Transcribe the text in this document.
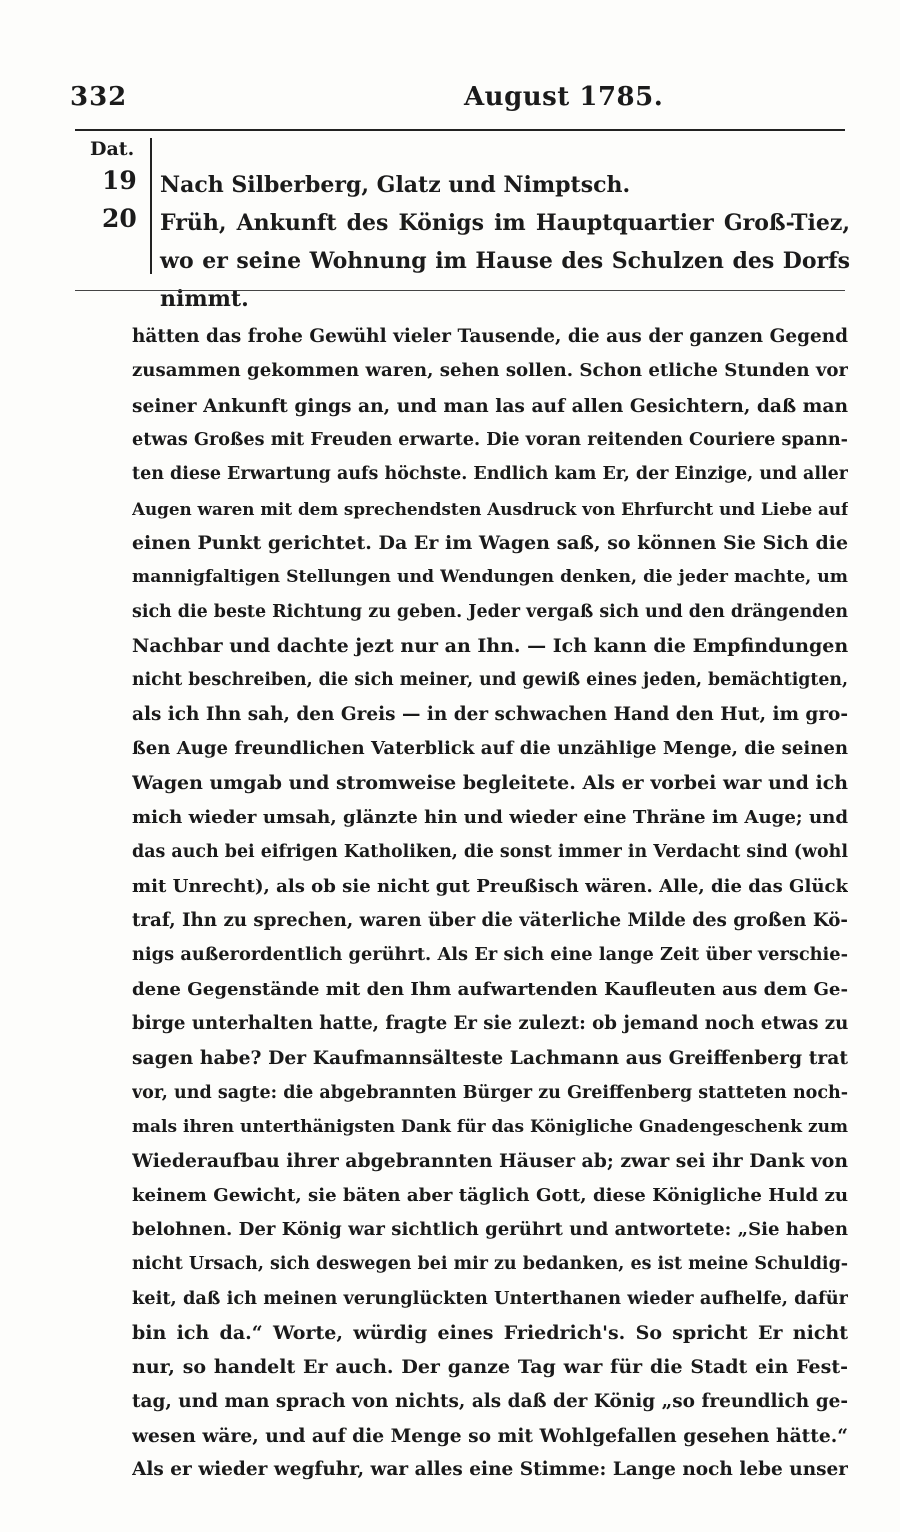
332	August 1785.
Dat.
19
20
Nach Silberberg, Glatz und Nimptsch.
Früh, Ankunft des Königs im Hauptquartier Groß-Tiez, wo er seine Wohnung im Hause des Schulzen des Dorfs nimmt.
hätten das frohe Gewühl vieler Tausende, die aus der ganzen Gegend
zusammen gekommen waren, sehen sollen. Schon etliche Stunden vor
seiner Ankunft gings an, und man las auf allen Gesichtern, daß man
etwas Großes mit Freuden erwarte. Die voran reitenden Couriere spann-
ten diese Erwartung aufs höchste. Endlich kam Er, der Einzige, und aller
Augen waren mit dem sprechendsten Ausdruck von Ehrfurcht und Liebe auf
einen Punkt gerichtet. Da Er im Wagen saß, so können Sie Sich die
mannigfaltigen Stellungen und Wendungen denken, die jeder machte, um
sich die beste Richtung zu geben. Jeder vergaß sich und den drängenden
Nachbar und dachte jezt nur an Ihn. — Ich kann die Empfindungen
nicht beschreiben, die sich meiner, und gewiß eines jeden, bemächtigten,
als ich Ihn sah, den Greis — in der schwachen Hand den Hut, im gro-
ßen Auge freundlichen Vaterblick auf die unzählige Menge, die seinen
Wagen umgab und stromweise begleitete. Als er vorbei war und ich
mich wieder umsah, glänzte hin und wieder eine Thräne im Auge; und
das auch bei eifrigen Katholiken, die sonst immer in Verdacht sind (wohl
mit Unrecht), als ob sie nicht gut Preußisch wären. Alle, die das Glück
traf, Ihn zu sprechen, waren über die väterliche Milde des großen Kö-
nigs außerordentlich gerührt. Als Er sich eine lange Zeit über verschie-
dene Gegenstände mit den Ihm aufwartenden Kaufleuten aus dem Ge-
birge unterhalten hatte, fragte Er sie zulezt: ob jemand noch etwas zu
sagen habe? Der Kaufmannsälteste Lachmann aus Greiffenberg trat
vor, und sagte: die abgebrannten Bürger zu Greiffenberg statteten noch-
mals ihren unterthänigsten Dank für das Königliche Gnadengeschenk zum
Wiederaufbau ihrer abgebrannten Häuser ab; zwar sei ihr Dank von
keinem Gewicht, sie bäten aber täglich Gott, diese Königliche Huld zu
belohnen. Der König war sichtlich gerührt und antwortete: „Sie haben
nicht Ursach, sich deswegen bei mir zu bedanken, es ist meine Schuldig-
keit, daß ich meinen verunglückten Unterthanen wieder aufhelfe, dafür
bin ich da.“ Worte, würdig eines Friedrich's. So spricht Er nicht
nur, so handelt Er auch. Der ganze Tag war für die Stadt ein Fest-
tag, und man sprach von nichts, als daß der König „so freundlich ge-
wesen wäre, und auf die Menge so mit Wohlgefallen gesehen hätte.“
Als er wieder wegfuhr, war alles eine Stimme: Lange noch lebe unser
